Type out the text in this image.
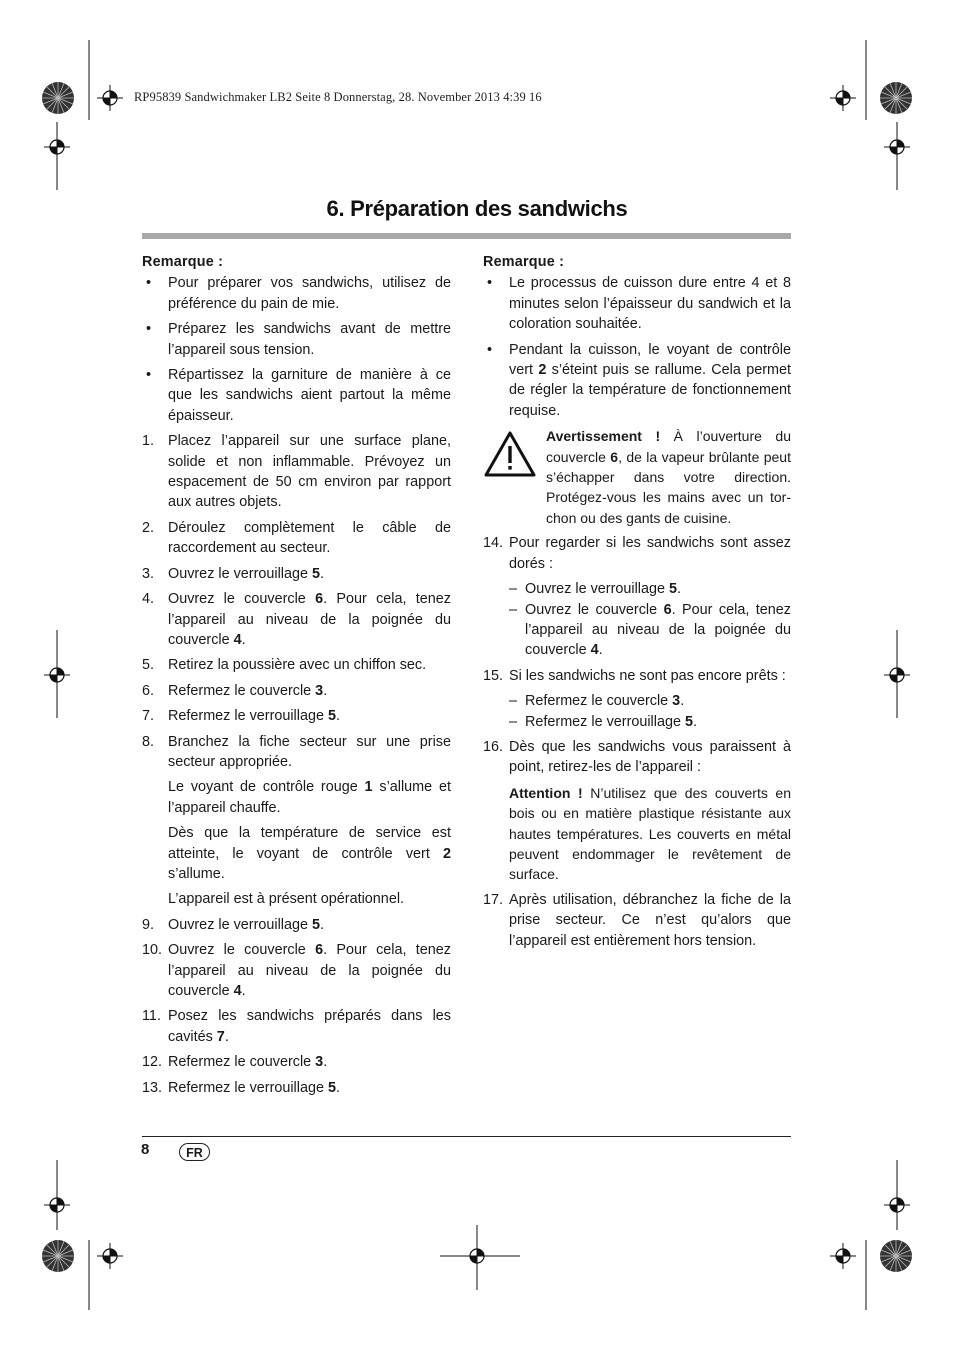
RP95839 Sandwichmaker LB2 Seite 8 Donnerstag, 28. November 2013 4:39 16
6. Préparation des sandwichs
Remarque :
• Pour préparer vos sandwichs, utilisez de préférence du pain de mie.
• Préparez les sandwichs avant de mettre l’appareil sous tension.
• Répartissez la garniture de manière à ce que les sandwichs aient partout la même épaisseur.
1. Placez l’appareil sur une surface plane, solide et non inflammable. Prévoyez un espacement de 50 cm environ par rapport aux autres objets.
2. Déroulez complètement le câble de raccordement au secteur.
3. Ouvrez le verrouillage 5.
4. Ouvrez le couvercle 6. Pour cela, tenez l’appareil au niveau de la poignée du couvercle 4.
5. Retirez la poussière avec un chiffon sec.
6. Refermez le couvercle 3.
7. Refermez le verrouillage 5.
8. Branchez la fiche secteur sur une prise secteur appropriée.
Le voyant de contrôle rouge 1 s’allume et l’appareil chauffe.
Dès que la température de service est atteinte, le voyant de contrôle vert 2 s’allume.
L’appareil est à présent opérationnel.
9. Ouvrez le verrouillage 5.
10. Ouvrez le couvercle 6. Pour cela, tenez l’appareil au niveau de la poignée du couvercle 4.
11. Posez les sandwichs préparés dans les cavités 7.
12. Refermez le couvercle 3.
13. Refermez le verrouillage 5.
Remarque :
• Le processus de cuisson dure entre 4 et 8 minutes selon l’épaisseur du sandwich et la coloration souhaitée.
• Pendant la cuisson, le voyant de contrôle vert 2 s’éteint puis se rallume. Cela permet de régler la température de fonctionnement requise.
Avertissement ! À l’ouverture du couvercle 6, de la vapeur brûlante peut s’échapper dans votre direction. Protégez-vous les mains avec un tor-chon ou des gants de cuisine.
14. Pour regarder si les sandwichs sont assez dorés :
– Ouvrez le verrouillage 5.
– Ouvrez le couvercle 6. Pour cela, tenez l’appareil au niveau de la poignée du couvercle 4.
15. Si les sandwichs ne sont pas encore prêts :
– Refermez le couvercle 3.
– Refermez le verrouillage 5.
16. Dès que les sandwichs vous paraissent à point, retirez-les de l’appareil :
Attention ! N’utilisez que des couverts en bois ou en matière plastique résistante aux hautes températures. Les couverts en métal peuvent endommager le revêtement de surface.
17. Après utilisation, débranchez la fiche de la prise secteur. Ce n’est qu’alors que l’appareil est entièrement hors tension.
8	FR
